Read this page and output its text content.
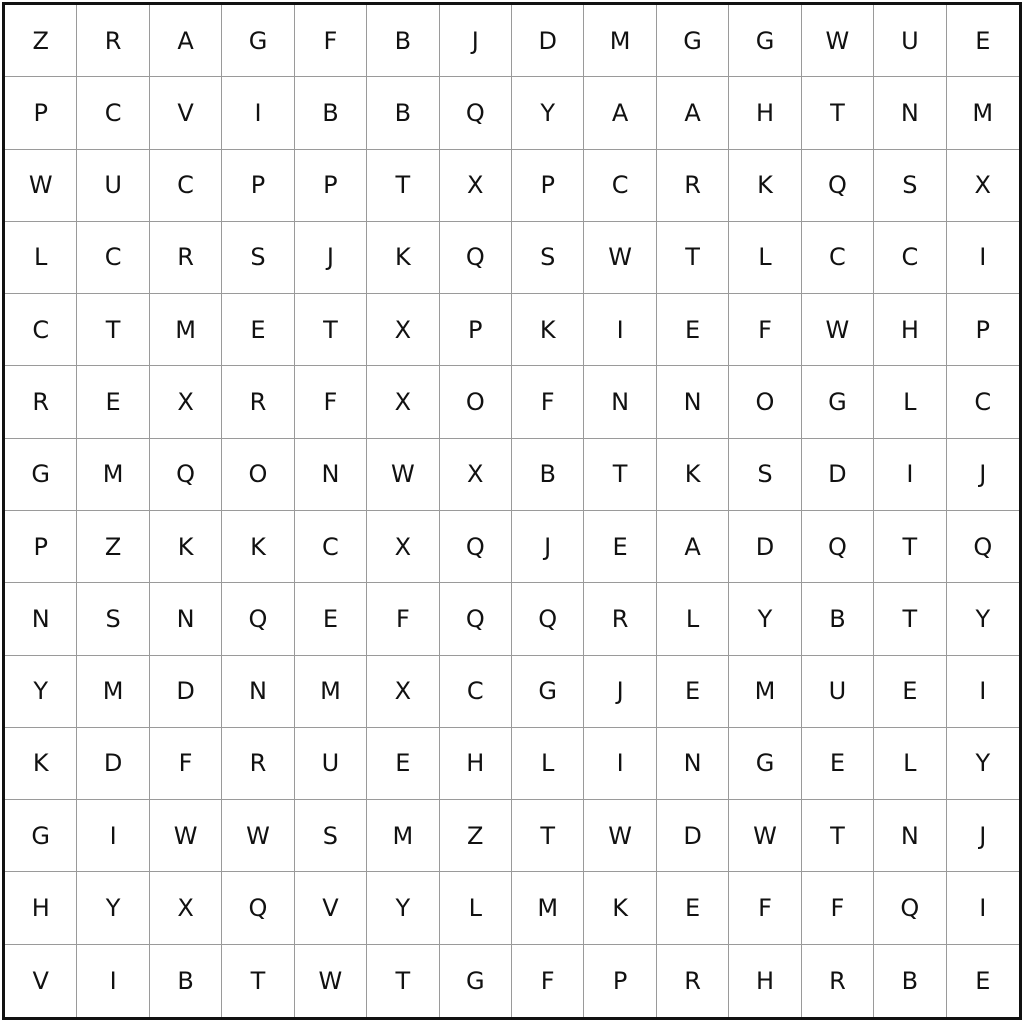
Z	R	A	G	F	B	J	D	M	G	G	W	U	E
P	C	V	I	B	B	Q	Y	A	A	H	T	N	M
W	U	C	P	P	T	X	P	C	R	K	Q	S	X
L	C	R	S	J	K	Q	S	W	T	L	C	C	I
C	T	M	E	T	X	P	K	I	E	F	W	H	P
R	E	X	R	F	X	O	F	N	N	O	G	L	C
G	M	Q	O	N	W	X	B	T	K	S	D	I	J
P	Z	K	K	C	X	Q	J	E	A	D	Q	T	Q
N	S	N	Q	E	F	Q	Q	R	L	Y	B	T	Y
Y	M	D	N	M	X	C	G	J	E	M	U	E	I
K	D	F	R	U	E	H	L	I	N	G	E	L	Y
G	I	W	W	S	M	Z	T	W	D	W	T	N	J
H	Y	X	Q	V	Y	L	M	K	E	F	F	Q	I
V	I	B	T	W	T	G	F	P	R	H	R	B	E
